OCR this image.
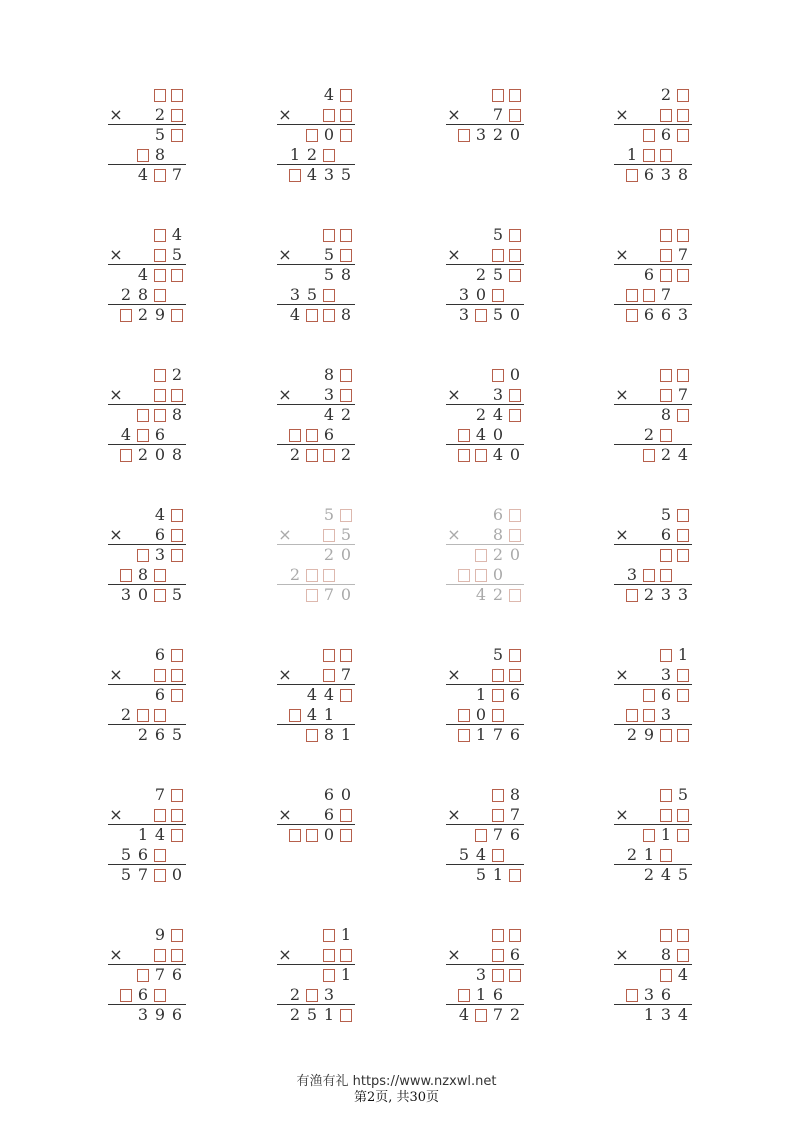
× 2
5
8
4 7
4
×
0
1 2
4 3 5
× 7
3 2 0
2
×
6
1
6 3 8
4
×	5
4
2 8
2 9
× 5
5 8
3 5
4	8
5
×
2 5
3 0
3 5 0
×	7
6
7
6 6 3
2
×
8
4 6
2 0 8
8
× 3
4 2
6
2	2
0
× 3
2 4
4 0
4 0
×	7
8
2
2 4
4
× 6
3
8
3 0 5
5
×	5
2 0
2
7 0
6
× 8
2 0
0
4 2
5
× 6
3
2 3 3
6
×
6
2
2 6 5
×	7
4 4
4 1
8 1
5
×
1 6
0
1 7 6
1
× 3
6
3
2 9
7
×
1 4
5 6
5 7 0
6 0
× 6
0
8
×	7
7 6
5 4
5 1
5
×
1
2 1
2 4 5
9
×
7 6
6
3 9 6
1
×
1
2 3
2 5 1
×	6
3
1 6
4 7 2
× 8
4
3 6
1 3 4
有渔有礼 https://www.nzxwl.net
第2页, 共30页
